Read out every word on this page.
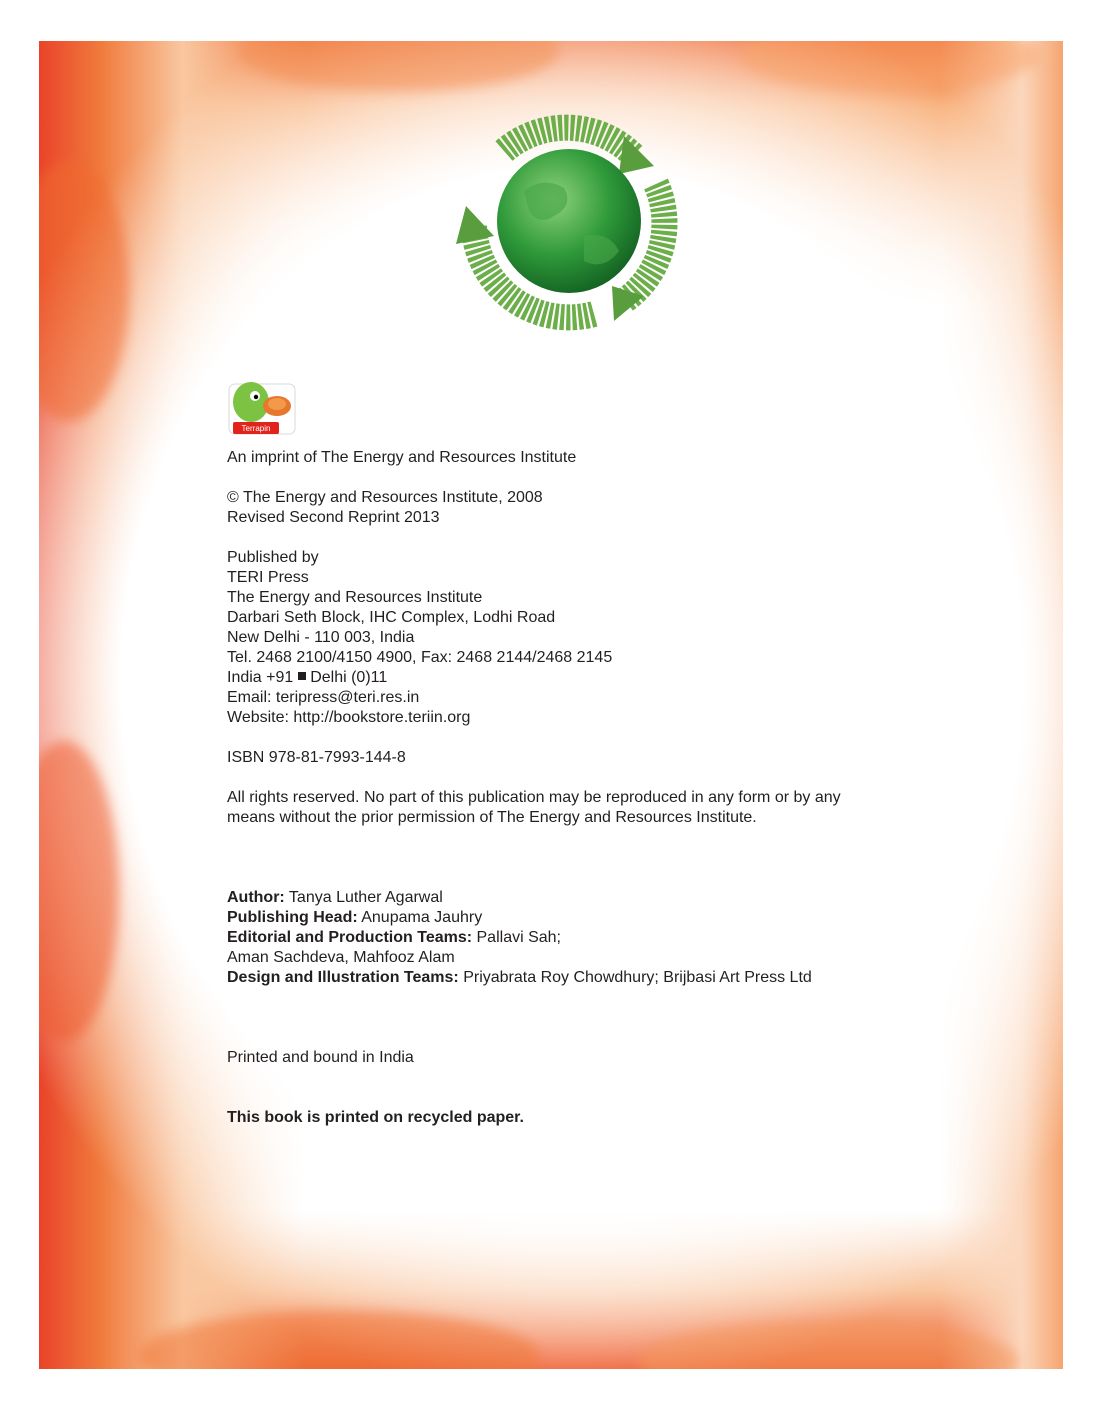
Terrapin
An imprint of The Energy and Resources Institute
© The Energy and Resources Institute, 2008
Revised Second Reprint 2013
Published by
TERI Press
The Energy and Resources Institute
Darbari Seth Block, IHC Complex, Lodhi Road
New Delhi - 110 003, India
Tel. 2468 2100/4150 4900, Fax: 2468 2144/2468 2145
India +91 Delhi (0)11
Email: teripress@teri.res.in
Website: http://bookstore.teriin.org
ISBN 978-81-7993-144-8
All rights reserved. No part of this publication may be reproduced in any form or by any
means without the prior permission of The Energy and Resources Institute.
Author: Tanya Luther Agarwal
Publishing Head: Anupama Jauhry
Editorial and Production Teams: Pallavi Sah;
Aman Sachdeva, Mahfooz Alam
Design and Illustration Teams: Priyabrata Roy Chowdhury; Brijbasi Art Press Ltd
Printed and bound in India
This book is printed on recycled paper.
